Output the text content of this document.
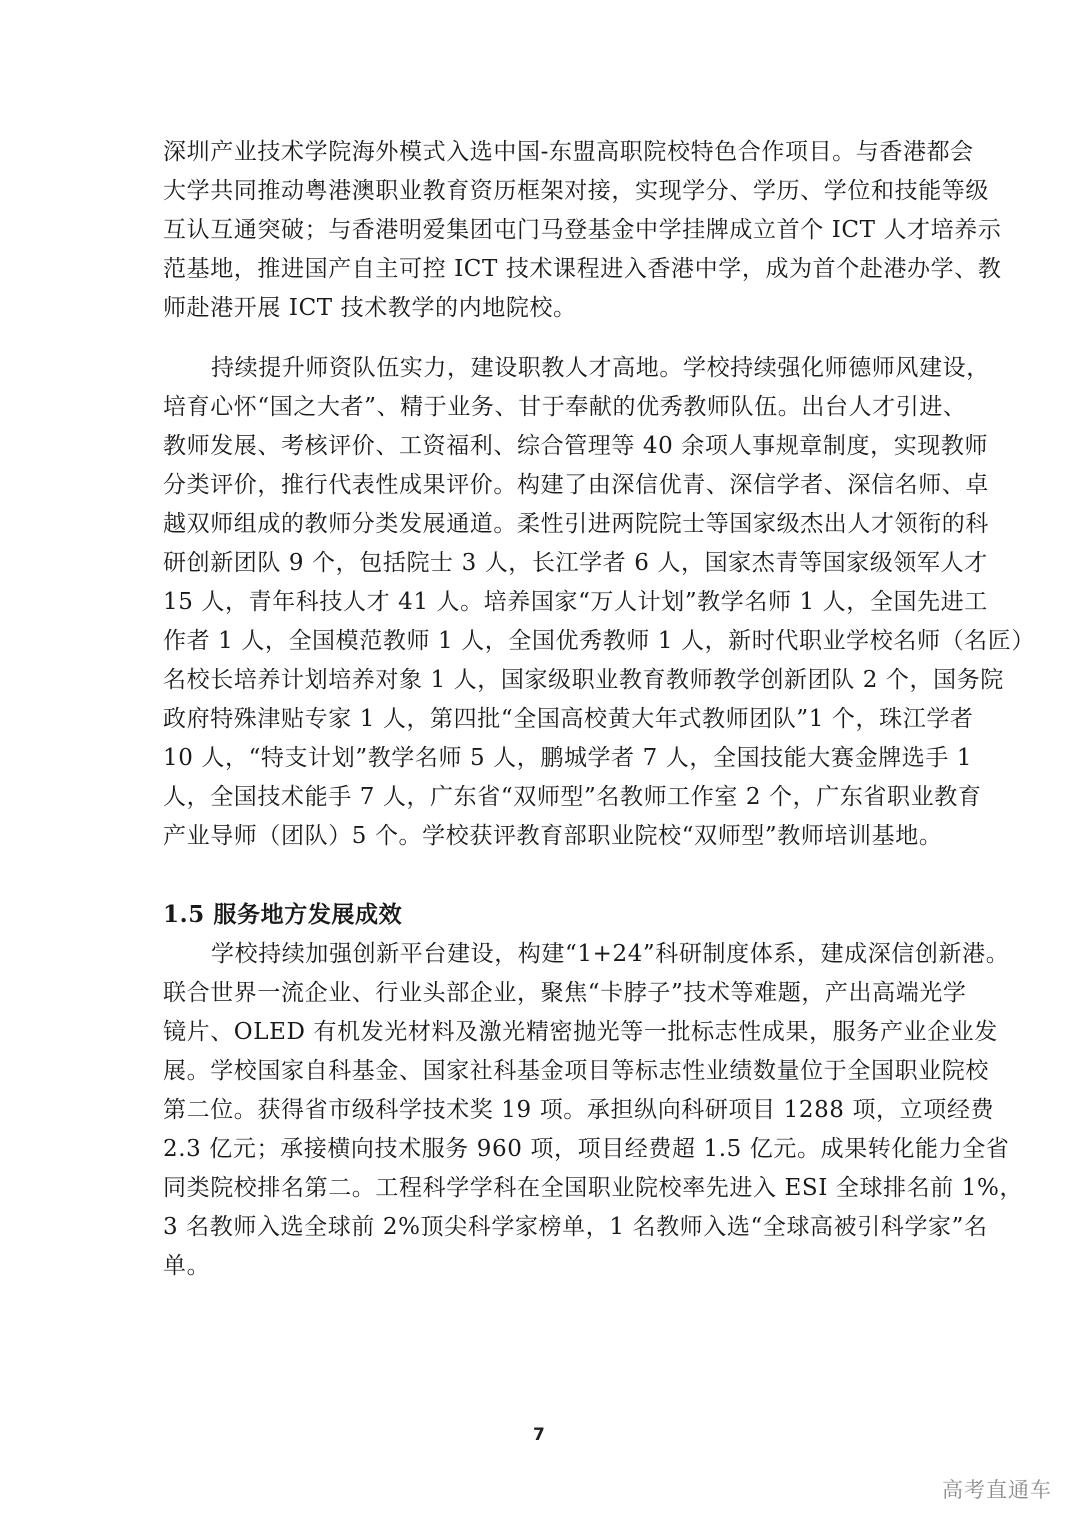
深圳产业技术学院海外模式入选中国-东盟高职院校特色合作项目。与香港都会
大学共同推动粤港澳职业教育资历框架对接，实现学分、学历、学位和技能等级
互认互通突破；与香港明爱集团屯门马登基金中学挂牌成立首个 ICT 人才培养示
范基地，推进国产自主可控 ICT 技术课程进入香港中学，成为首个赴港办学、教
师赴港开展 ICT 技术教学的内地院校。
持续提升师资队伍实力，建设职教人才高地。学校持续强化师德师风建设，
培育心怀“国之大者”、精于业务、甘于奉献的优秀教师队伍。出台人才引进、
教师发展、考核评价、工资福利、综合管理等 40 余项人事规章制度，实现教师
分类评价，推行代表性成果评价。构建了由深信优青、深信学者、深信名师、卓
越双师组成的教师分类发展通道。柔性引进两院院士等国家级杰出人才领衔的科
研创新团队 9 个，包括院士 3 人，长江学者 6 人，国家杰青等国家级领军人才
15 人，青年科技人才 41 人。培养国家“万人计划”教学名师 1 人，全国先进工
作者 1 人，全国模范教师 1 人，全国优秀教师 1 人，新时代职业学校名师（名匠）
名校长培养计划培养对象 1 人，国家级职业教育教师教学创新团队 2 个，国务院
政府特殊津贴专家 1 人，第四批“全国高校黄大年式教师团队”1 个，珠江学者
10 人，“特支计划”教学名师 5 人，鹏城学者 7 人，全国技能大赛金牌选手 1
人，全国技术能手 7 人，广东省“双师型”名教师工作室 2 个，广东省职业教育
产业导师（团队）5 个。学校获评教育部职业院校“双师型”教师培训基地。
1.5 服务地方发展成效
学校持续加强创新平台建设，构建“1+24”科研制度体系，建成深信创新港。
联合世界一流企业、行业头部企业，聚焦“卡脖子”技术等难题，产出高端光学
镜片、OLED 有机发光材料及激光精密抛光等一批标志性成果，服务产业企业发
展。学校国家自科基金、国家社科基金项目等标志性业绩数量位于全国职业院校
第二位。获得省市级科学技术奖 19 项。承担纵向科研项目 1288 项，立项经费
2.3 亿元；承接横向技术服务 960 项，项目经费超 1.5 亿元。成果转化能力全省
同类院校排名第二。工程科学学科在全国职业院校率先进入 ESI 全球排名前 1%，
3 名教师入选全球前 2%顶尖科学家榜单，1 名教师入选“全球高被引科学家”名
单。
7
高考直通车
